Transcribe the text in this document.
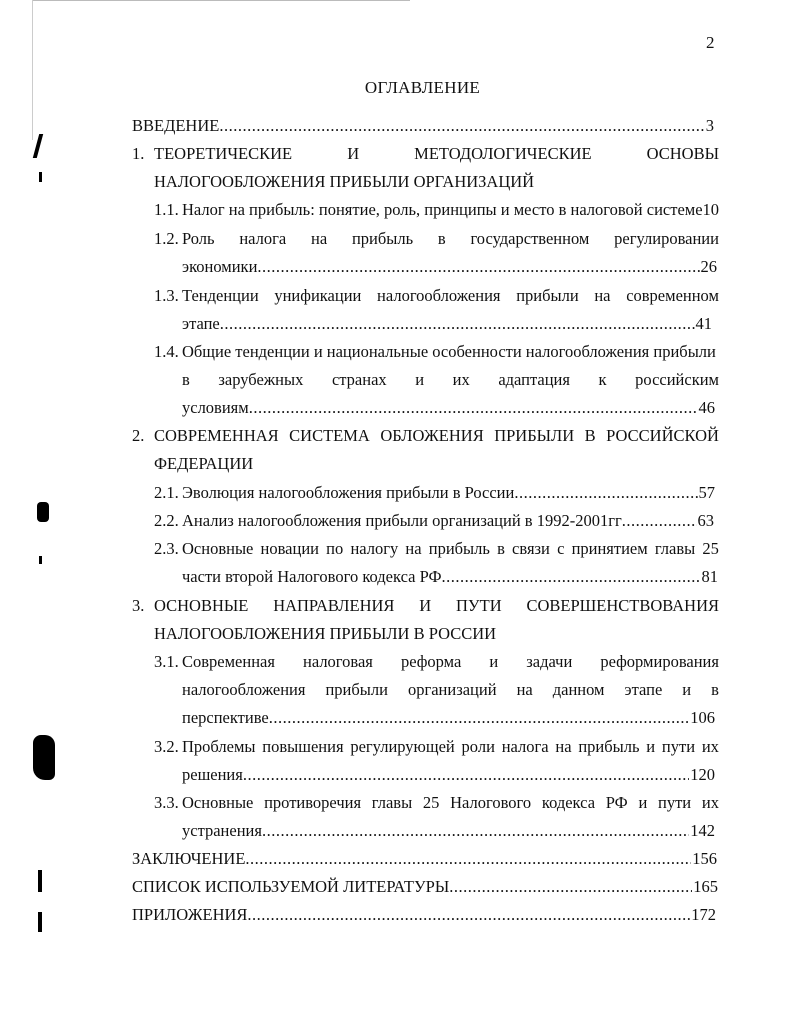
2
ОГЛАВЛЕНИЕ
ВВЕДЕНИЕ .....	3
1. ТЕОРЕТИЧЕСКИЕ	И	МЕТОДОЛОГИЧЕСКИЕ	ОСНОВЫ
НАЛОГООБЛОЖЕНИЯ ПРИБЫЛИ ОРГАНИЗАЦИЙ
1.1. Налог на прибыль: понятие, роль, принципы и место в налоговой системе10
1.2. Роль налога на прибыль в государственном регулировании
экономики .....	26
1.3. Тенденции унификации налогообложения прибыли на современном
этапе .....	41
1.4. Общие тенденции и национальные особенности налогообложения прибыли
в зарубежных странах и их адаптация к российским
условиям .....	46
2. СОВРЕМЕННАЯ СИСТЕМА ОБЛОЖЕНИЯ ПРИБЫЛИ В РОССИЙСКОЙ
ФЕДЕРАЦИИ
2.1. Эволюция налогообложения прибыли в России .....	57
2.2. Анализ налогообложения прибыли организаций в 1992-2001гг .....	63
2.3. Основные новации по налогу на прибыль в связи с принятием главы 25
части второй Налогового кодекса РФ .....	81
3. ОСНОВНЫЕ НАПРАВЛЕНИЯ И ПУТИ СОВЕРШЕНСТВОВАНИЯ
НАЛОГООБЛОЖЕНИЯ ПРИБЫЛИ В РОССИИ
3.1. Современная налоговая реформа и задачи реформирования
налогообложения прибыли организаций на данном этапе и в
перспективе .....	106
3.2. Проблемы повышения регулирующей роли налога на прибыль и пути их
решения .....	120
3.3. Основные противоречия главы 25 Налогового кодекса РФ и пути их
устранения .....	142
ЗАКЛЮЧЕНИЕ .....	156
СПИСОК ИСПОЛЬЗУЕМОЙ ЛИТЕРАТУРЫ .....	165
ПРИЛОЖЕНИЯ .....	172
